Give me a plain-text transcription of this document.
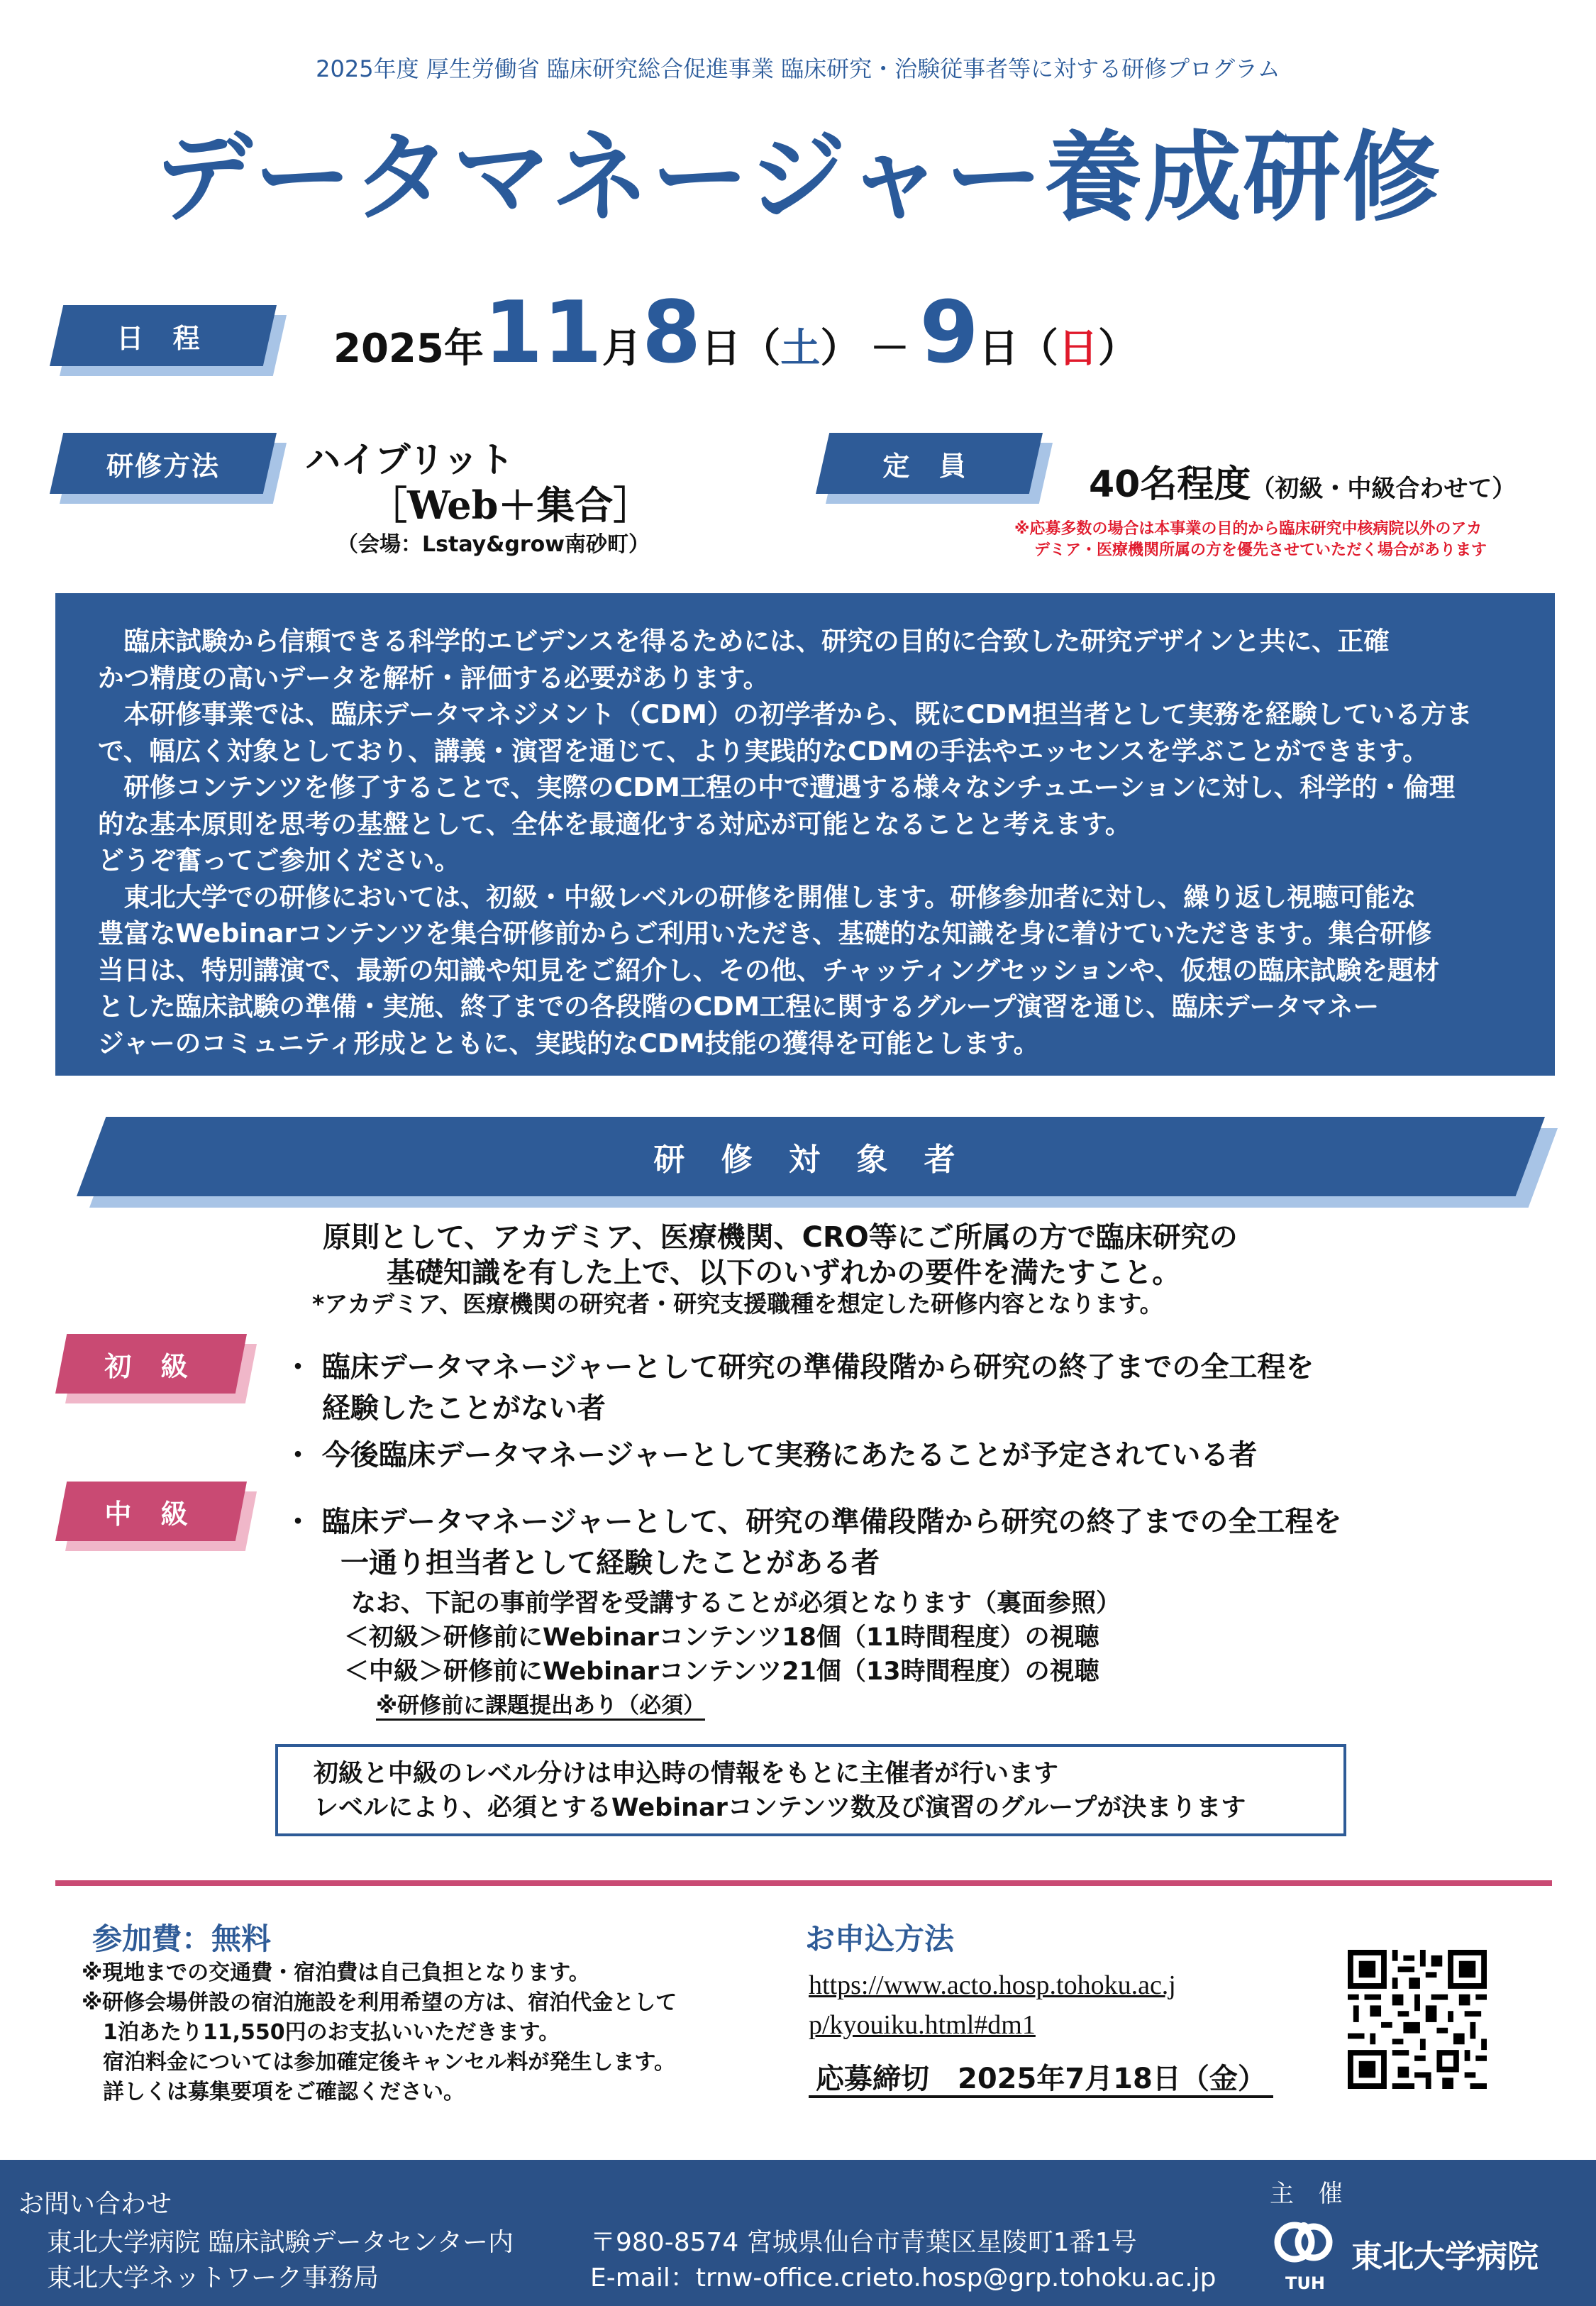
2025年度 厚生労働省 臨床研究総合促進事業 臨床研究・治験従事者等に対する研修プログラム
データマネージャー養成研修
日 程	2025年11月8日（土） － 9日（日）
研修方法 ハイブリット
［Web＋集合］
（会場：Lstay&grow南砂町）
定 員	40名程度（初級・中級合わせて）
※応募多数の場合は本事業の目的から臨床研究中核病院以外のアカ
デミア・医療機関所属の方を優先させていただく場合があります
　臨床試験から信頼できる科学的エビデンスを得るためには、研究の目的に合致した研究デザインと共に、正確
かつ精度の高いデータを解析・評価する必要があります。
　本研修事業では、臨床データマネジメント（CDM）の初学者から、既にCDM担当者として実務を経験している方ま
で、幅広く対象としており、講義・演習を通じて、より実践的なCDMの手法やエッセンスを学ぶことができます。
　研修コンテンツを修了することで、実際のCDM工程の中で遭遇する様々なシチュエーションに対し、科学的・倫理
的な基本原則を思考の基盤として、全体を最適化する対応が可能となることと考えます。
どうぞ奮ってご参加ください。
　東北大学での研修においては、初級・中級レベルの研修を開催します。研修参加者に対し、繰り返し視聴可能な
豊富なWebinarコンテンツを集合研修前からご利用いただき、基礎的な知識を身に着けていただきます。集合研修
当日は、特別講演で、最新の知識や知見をご紹介し、その他、チャッティングセッションや、仮想の臨床試験を題材
とした臨床試験の準備・実施、終了までの各段階のCDM工程に関するグループ演習を通じ、臨床データマネー
ジャーのコミュニティ形成とともに、実践的なCDM技能の獲得を可能とします。
研 修 対 象 者
原則として、アカデミア、医療機関、CRO等にご所属の方で臨床研究の
基礎知識を有した上で、以下のいずれかの要件を満たすこと。
*アカデミア、医療機関の研究者・研究支援職種を想定した研修内容となります。
初 級	・ 臨床データマネージャーとして研究の準備段階から研究の終了までの全工程を
　 経験したことがない者
・ 今後臨床データマネージャーとして実務にあたることが予定されている者
中 級	・ 臨床データマネージャーとして、研究の準備段階から研究の終了までの全工程を
　　一通り担当者として経験したことがある者
なお、下記の事前学習を受講することが必須となります（裏面参照）
＜初級＞研修前にWebinarコンテンツ18個（11時間程度）の視聴
＜中級＞研修前にWebinarコンテンツ21個（13時間程度）の視聴
※研修前に課題提出あり（必須）
初級と中級のレベル分けは申込時の情報をもとに主催者が行います
レベルにより、必須とするWebinarコンテンツ数及び演習のグループが決まります
参加費：無料
※現地までの交通費・宿泊費は自己負担となります。
※研修会場併設の宿泊施設を利用希望の方は、宿泊代金として
　1泊あたり11,550円のお支払いいただきます。
　宿泊料金については参加確定後キャンセル料が発生します。
　詳しくは募集要項をご確認ください。
お申込方法
https://www.acto.hosp.tohoku.ac.j
p/kyouiku.html#dm1
応募締切　2025年7月18日（金）
お問い合わせ
東北大学病院 臨床試験データセンター内
東北大学ネットワーク事務局
〒980-8574 宮城県仙台市青葉区星陵町1番1号
E-mail：trnw-office.crieto.hosp@grp.tohoku.ac.jp
主 催
TUH
東北大学病院
